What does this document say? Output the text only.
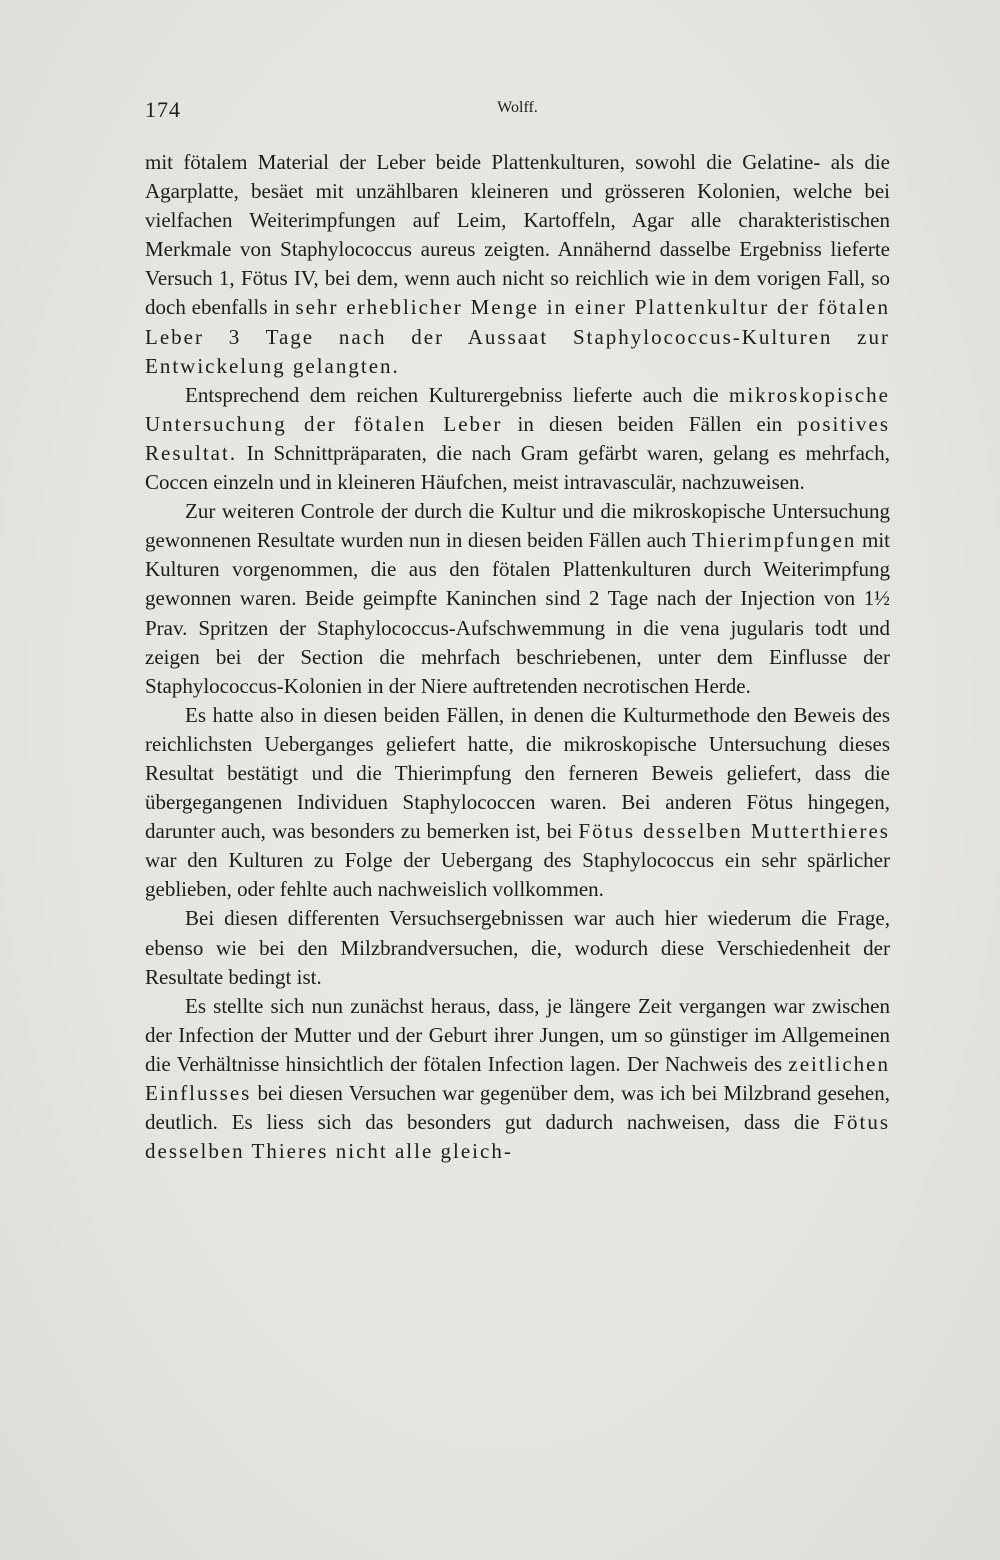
174	Wolff.

mit fötalem Material der Leber beide Plattenkulturen, sowohl die Gelatine- als die Agarplatte, besäet mit unzählbaren kleineren und grösseren Kolonien, welche bei vielfachen Weiterimpfungen auf Leim, Kartoffeln, Agar alle charakteristischen Merkmale von Staphylococcus aureus zeigten. Annähernd dasselbe Ergebniss lieferte Versuch 1, Fötus IV, bei dem, wenn auch nicht so reichlich wie in dem vorigen Fall, so doch ebenfalls in sehr erheblicher Menge in einer Plattenkultur der fötalen Leber 3 Tage nach der Aussaat Staphylococcus-Kulturen zur Entwickelung gelangten.

Entsprechend dem reichen Kulturergebniss lieferte auch die mikroskopische Untersuchung der fötalen Leber in diesen beiden Fällen ein positives Resultat. In Schnittpräparaten, die nach Gram gefärbt waren, gelang es mehrfach, Coccen einzeln und in kleineren Häufchen, meist intravasculär, nachzuweisen.

Zur weiteren Controle der durch die Kultur und die mikroskopische Untersuchung gewonnenen Resultate wurden nun in diesen beiden Fällen auch Thierimpfungen mit Kulturen vorgenommen, die aus den fötalen Plattenkulturen durch Weiterimpfung gewonnen waren. Beide geimpfte Kaninchen sind 2 Tage nach der Injection von 1½ Prav. Spritzen der Staphylococcus-Aufschwemmung in die vena jugularis todt und zeigen bei der Section die mehrfach beschriebenen, unter dem Einflusse der Staphylococcus-Kolonien in der Niere auftretenden necrotischen Herde.

Es hatte also in diesen beiden Fällen, in denen die Kulturmethode den Beweis des reichlichsten Ueberganges geliefert hatte, die mikroskopische Untersuchung dieses Resultat bestätigt und die Thierimpfung den ferneren Beweis geliefert, dass die übergegangenen Individuen Staphylococcen waren. Bei anderen Fötus hingegen, darunter auch, was besonders zu bemerken ist, bei Fötus desselben Mutterthieres war den Kulturen zu Folge der Uebergang des Staphylococcus ein sehr spärlicher geblieben, oder fehlte auch nachweislich vollkommen.

Bei diesen differenten Versuchsergebnissen war auch hier wiederum die Frage, ebenso wie bei den Milzbrandversuchen, die, wodurch diese Verschiedenheit der Resultate bedingt ist.

Es stellte sich nun zunächst heraus, dass, je längere Zeit vergangen war zwischen der Infection der Mutter und der Geburt ihrer Jungen, um so günstiger im Allgemeinen die Verhältnisse hinsichtlich der fötalen Infection lagen. Der Nachweis des zeitlichen Einflusses bei diesen Versuchen war gegenüber dem, was ich bei Milzbrand gesehen, deutlich. Es liess sich das besonders gut dadurch nachweisen, dass die Fötus desselben Thieres nicht alle gleich-
